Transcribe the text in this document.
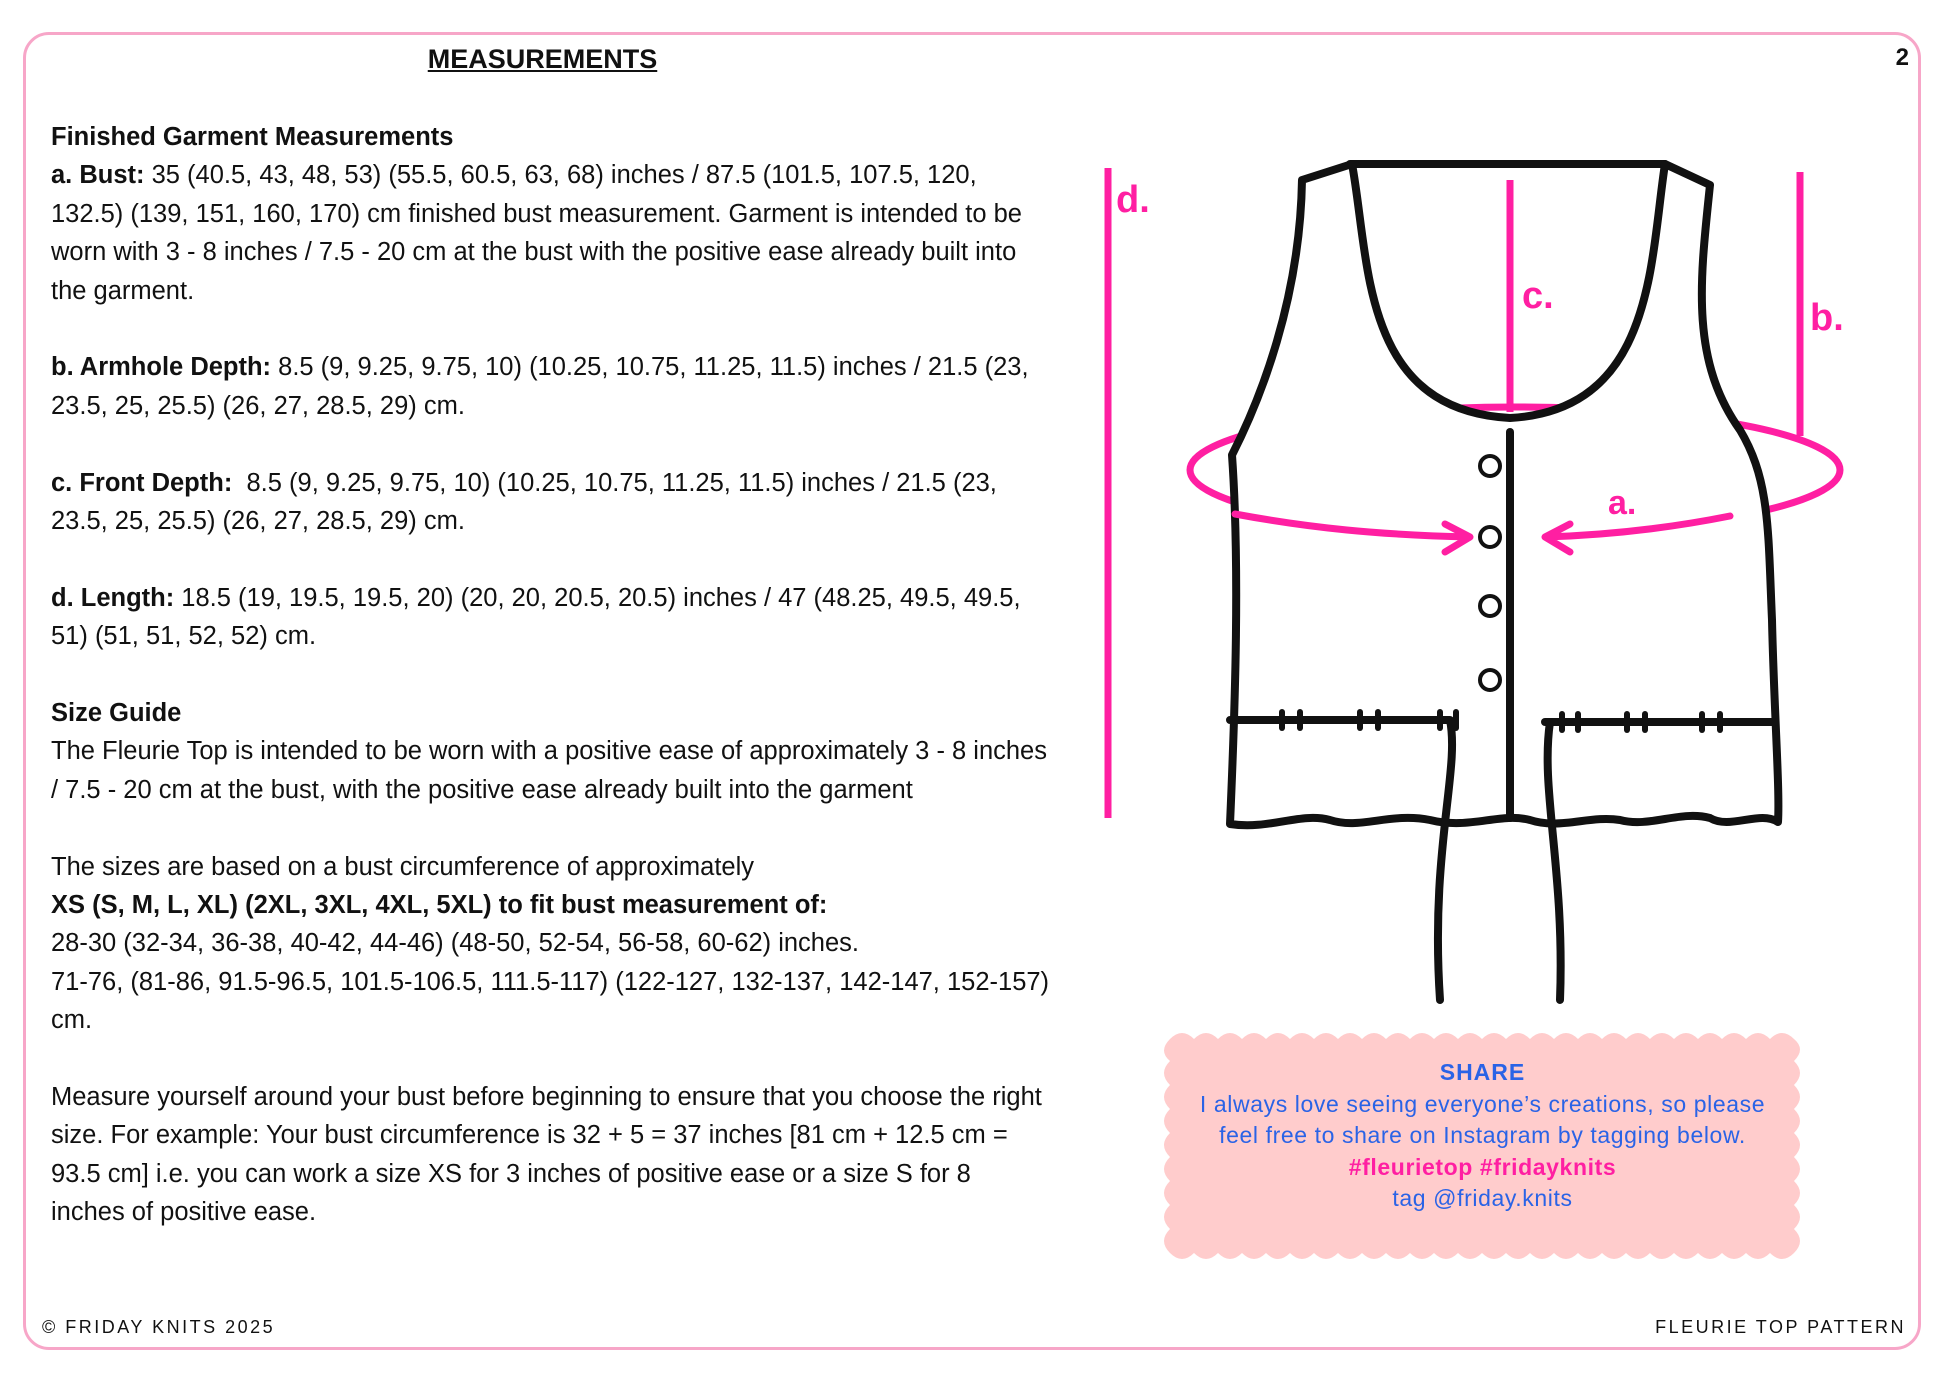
MEASUREMENTS	2

Finished Garment Measurements

a. Bust: 35 (40.5, 43, 48, 53) (55.5, 60.5, 63, 68) inches / 87.5 (101.5, 107.5, 120, 132.5) (139, 151, 160, 170) cm finished bust measurement. Garment is intended to be worn with 3 - 8 inches / 7.5 - 20 cm at the bust with the positive ease already built into the garment.

b. Armhole Depth: 8.5 (9, 9.25, 9.75, 10) (10.25, 10.75, 11.25, 11.5) inches / 21.5 (23, 23.5, 25, 25.5) (26, 27, 28.5, 29) cm.

c. Front Depth:  8.5 (9, 9.25, 9.75, 10) (10.25, 10.75, 11.25, 11.5) inches / 21.5 (23, 23.5, 25, 25.5) (26, 27, 28.5, 29) cm.

d. Length: 18.5 (19, 19.5, 19.5, 20) (20, 20, 20.5, 20.5) inches / 47 (48.25, 49.5, 49.5, 51) (51, 51, 52, 52) cm.

Size Guide

The Fleurie Top is intended to be worn with a positive ease of approximately 3 - 8 inches / 7.5 - 20 cm at the bust, with the positive ease already built into the garment

The sizes are based on a bust circumference of approximately

XS (S, M, L, XL) (2XL, 3XL, 4XL, 5XL) to fit bust measurement of:

28-30 (32-34, 36-38, 40-42, 44-46) (48-50, 52-54, 56-58, 60-62) inches.

71-76, (81-86, 91.5-96.5, 101.5-106.5, 111.5-117) (122-127, 132-137, 142-147, 152-157) cm.

Measure yourself around your bust before beginning to ensure that you choose the right size. For example: Your bust circumference is 32 + 5 = 37 inches [81 cm + 12.5 cm = 93.5 cm] i.e. you can work a size XS for 3 inches of positive ease or a size S for 8 inches of positive ease.

d.
b.
c.
a.
SHARE
I always love seeing everyone’s creations, so please
feel free to share on Instagram by tagging below.
#fleurietop #fridayknits
tag @friday.knits
© FRIDAY KNITS 2025	FLEURIE TOP PATTERN
